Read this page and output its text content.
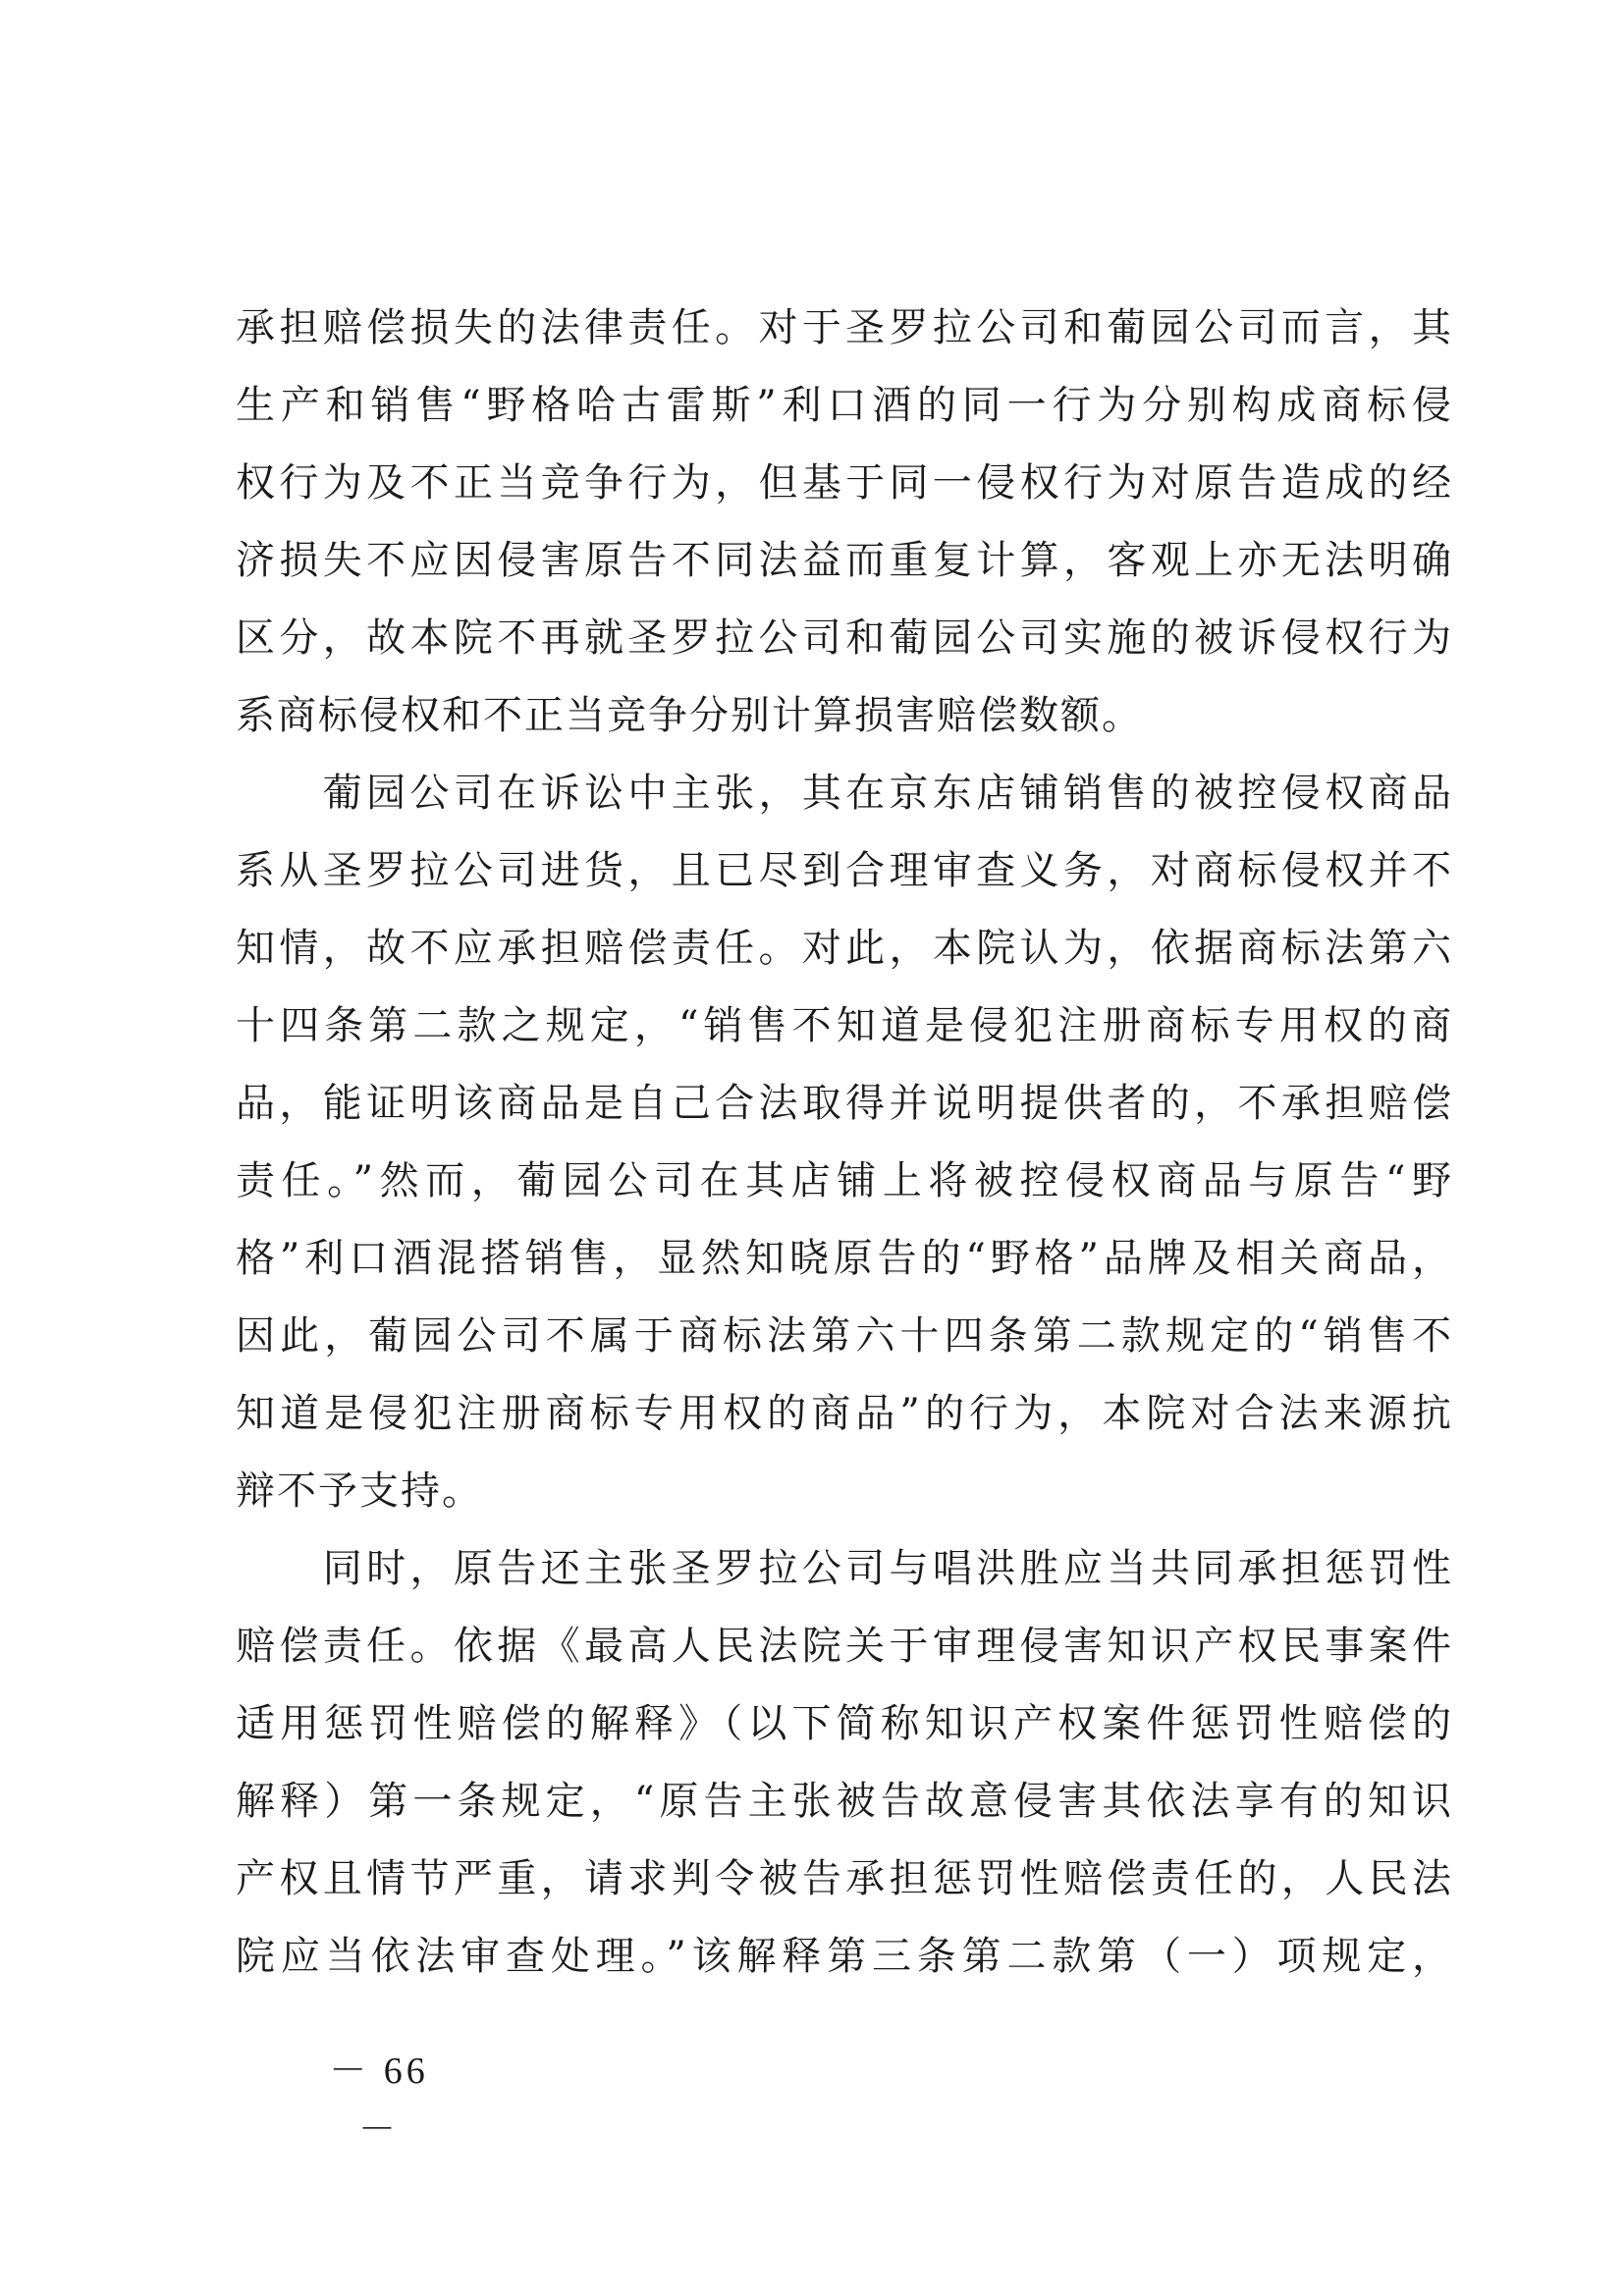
承担赔偿损失的法律责任。对于圣罗拉公司和葡园公司而言，其
生产和销售“野格哈古雷斯”利口酒的同一行为分别构成商标侵
权行为及不正当竞争行为，但基于同一侵权行为对原告造成的经
济损失不应因侵害原告不同法益而重复计算，客观上亦无法明确
区分，故本院不再就圣罗拉公司和葡园公司实施的被诉侵权行为
系商标侵权和不正当竞争分别计算损害赔偿数额。
　　葡园公司在诉讼中主张，其在京东店铺销售的被控侵权商品
系从圣罗拉公司进货，且已尽到合理审查义务，对商标侵权并不
知情，故不应承担赔偿责任。对此，本院认为，依据商标法第六
十四条第二款之规定，“销售不知道是侵犯注册商标专用权的商
品，能证明该商品是自己合法取得并说明提供者的，不承担赔偿
责任。”然而，葡园公司在其店铺上将被控侵权商品与原告“野
格”利口酒混搭销售，显然知晓原告的“野格”品牌及相关商品，
因此，葡园公司不属于商标法第六十四条第二款规定的“销售不
知道是侵犯注册商标专用权的商品”的行为，本院对合法来源抗
辩不予支持。
　　同时，原告还主张圣罗拉公司与唱洪胜应当共同承担惩罚性
赔偿责任。依据《最高人民法院关于审理侵害知识产权民事案件
适用惩罚性赔偿的解释》（以下简称知识产权案件惩罚性赔偿的
解释）第一条规定，“原告主张被告故意侵害其依法享有的知识
产权且情节严重，请求判令被告承担惩罚性赔偿责任的，人民法
院应当依法审查处理。”该解释第三条第二款第（一）项规定，
－ 66 －
